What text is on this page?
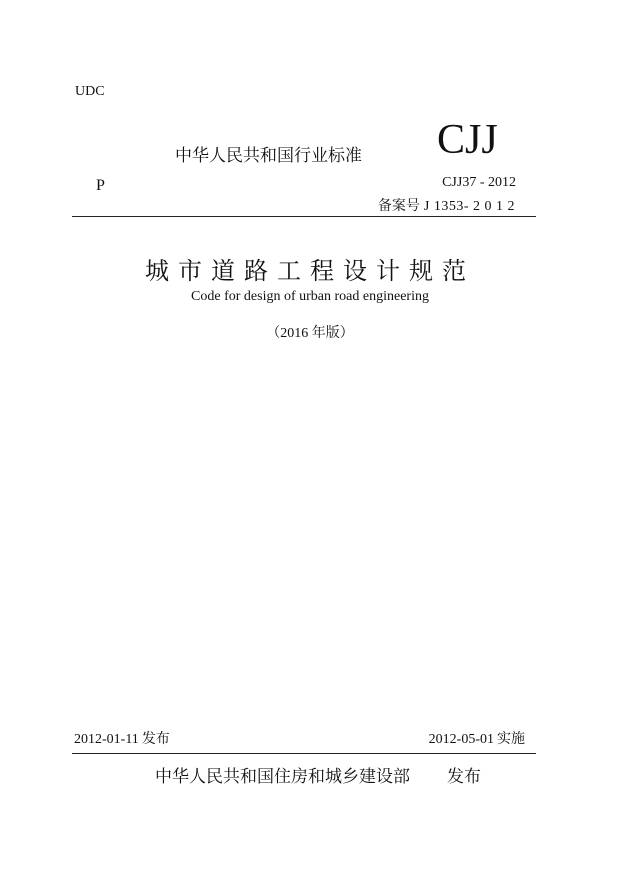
UDC
中华人民共和国行业标准 CJJ
P	CJJ37 - 2012
备案号 J 1353- 2 0 1 2
城市道路工程设计规范
Code for design of urban road engineering
（2016 年版）
2012-01-11 发布	2012-05-01 实施
中华人民共和国住房和城乡建设部 发布
